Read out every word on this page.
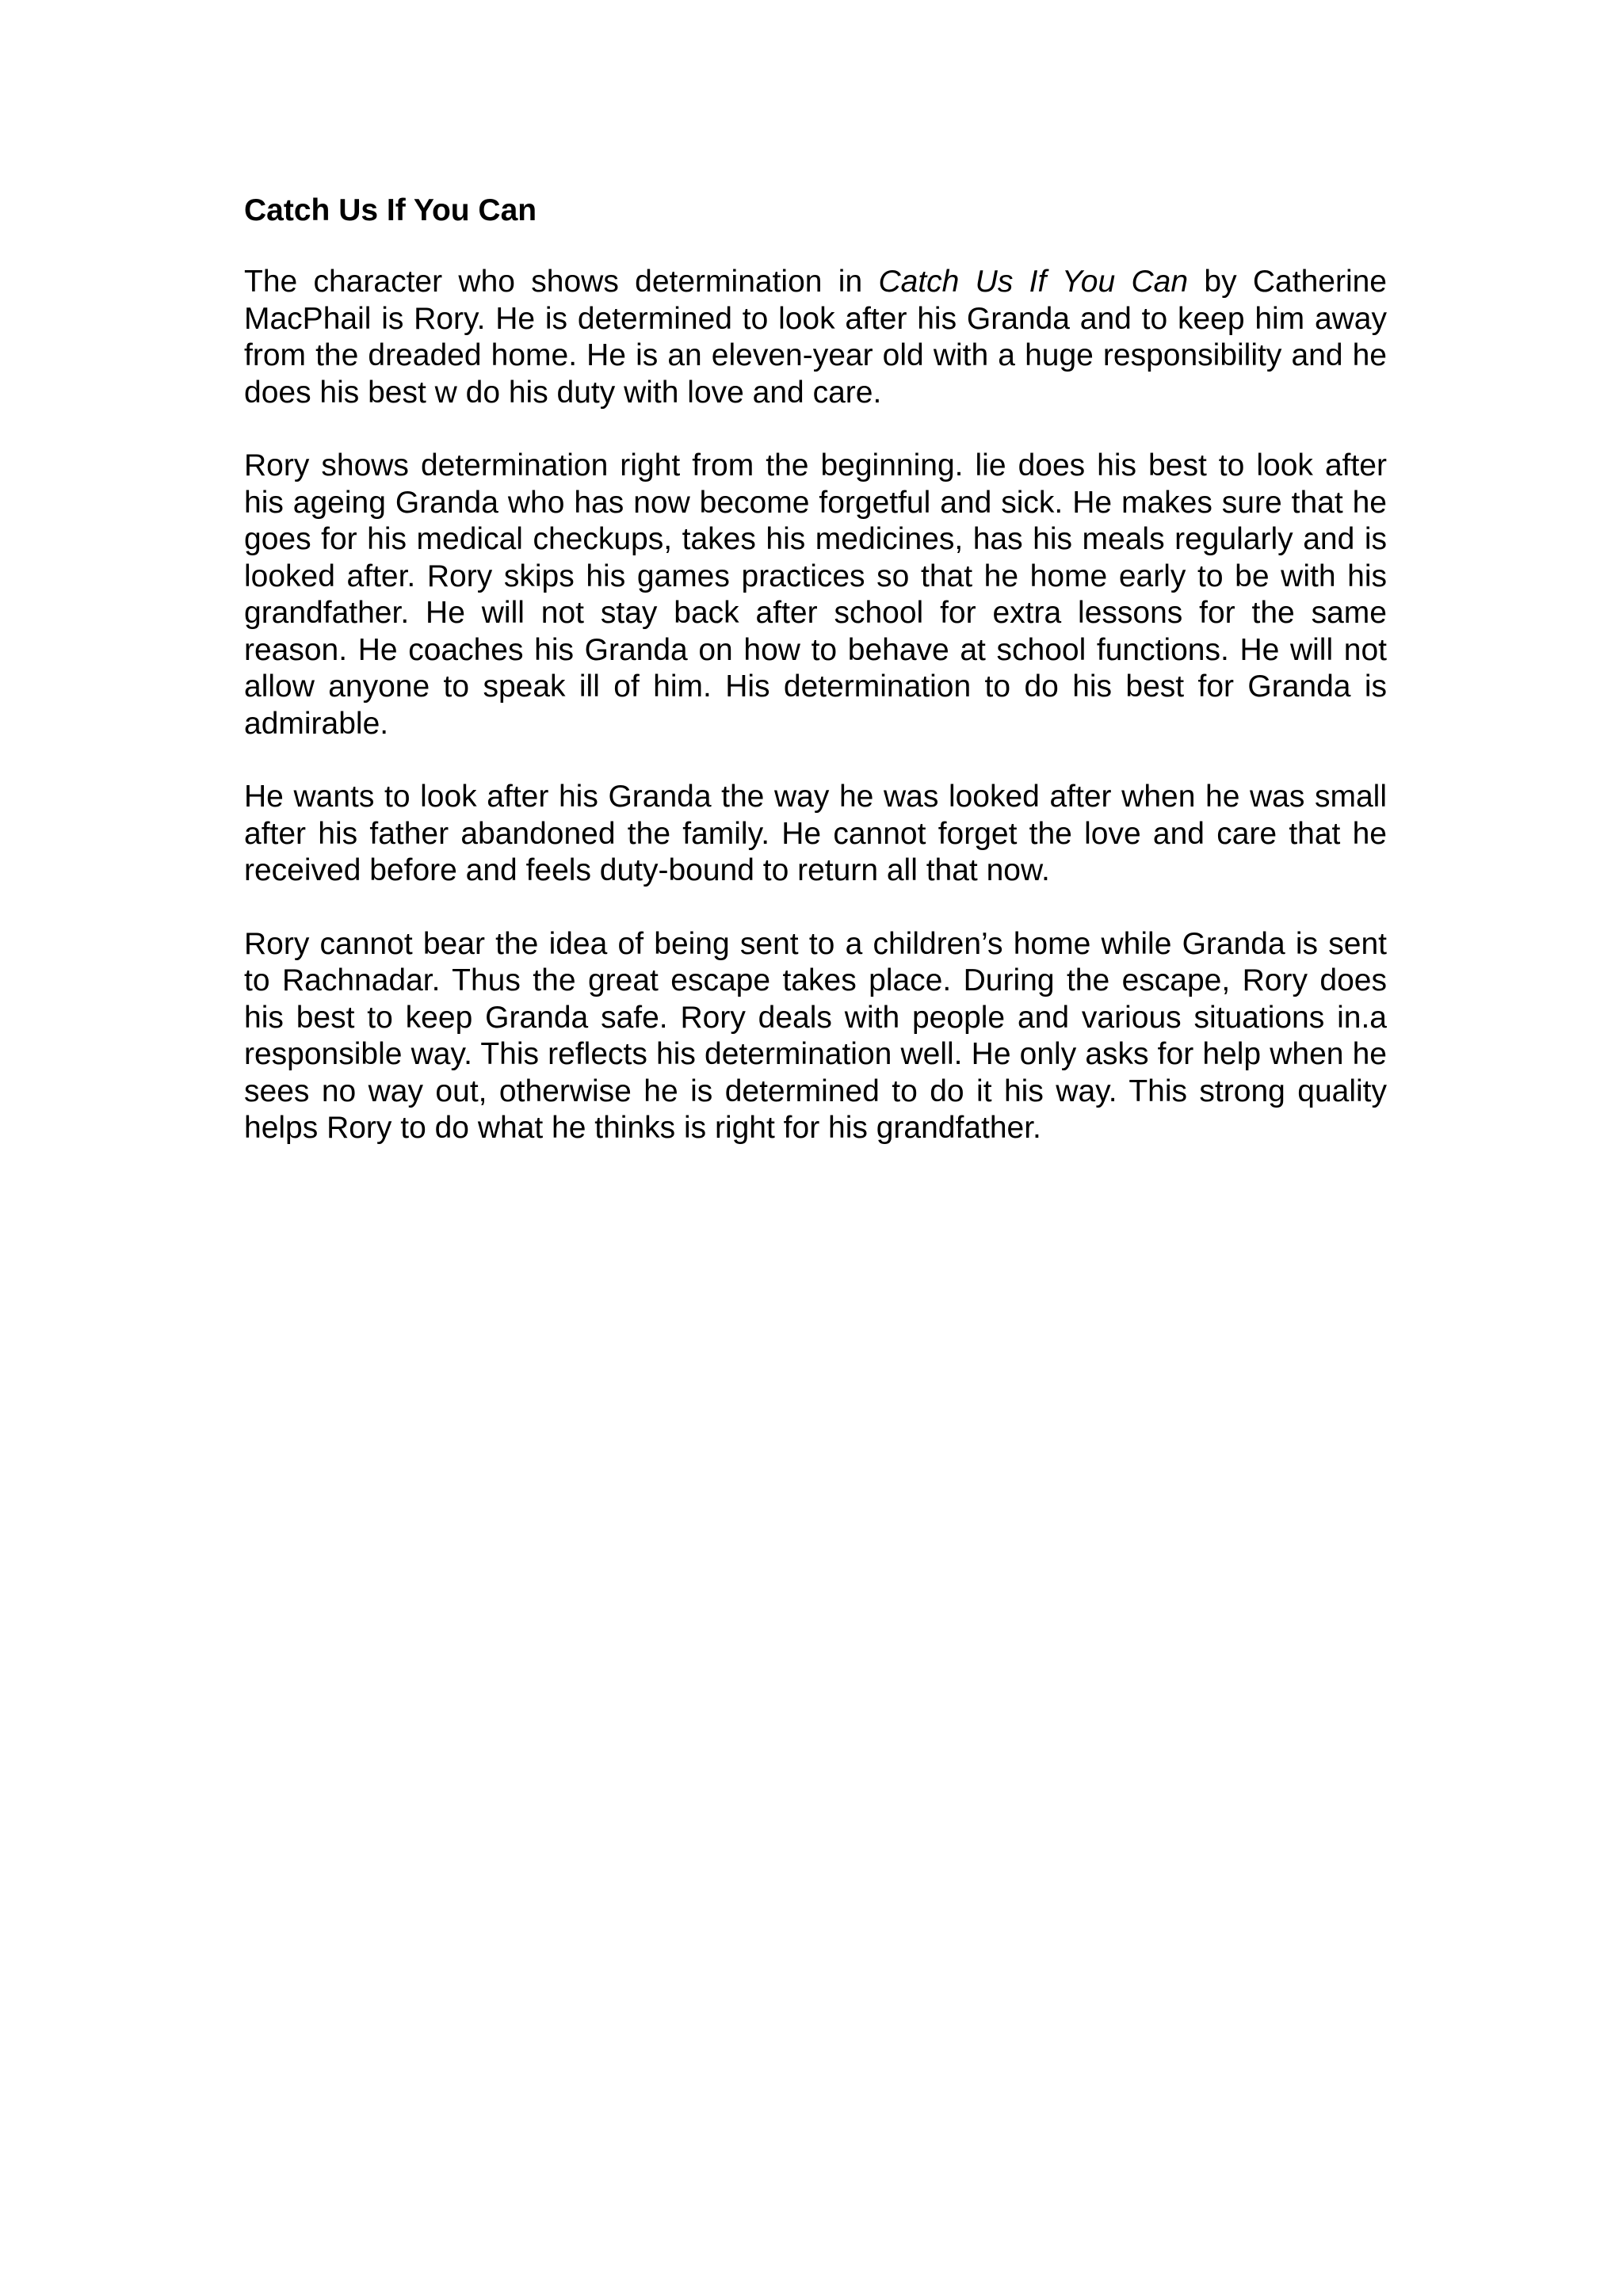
Catch Us If You Can

The character who shows determination in Catch Us If You Can by Catherine MacPhail is Rory. He is determined to look after his Granda and to keep him away from the dreaded home. He is an eleven-year old with a huge responsibility and he does his best w do his duty with love and care.

Rory shows determination right from the beginning. lie does his best to look after his ageing Granda who has now become forgetful and sick. He makes sure that he goes for his medical checkups, takes his medicines, has his meals regularly and is looked after. Rory skips his games practices so that he home early to be with his grandfather. He will not stay back after school for extra lessons for the same reason. He coaches his Granda on how to behave at school functions. He will not allow anyone to speak ill of him. His determination to do his best for Granda is admirable.

He wants to look after his Granda the way he was looked after when he was small after his father abandoned the family. He cannot forget the love and care that he received before and feels duty-bound to return all that now.

Rory cannot bear the idea of being sent to a children’s home while Granda is sent to Rachnadar. Thus the great escape takes place. During the escape, Rory does his best to keep Granda safe. Rory deals with people and various situations in.a responsible way. This reflects his determination well. He only asks for help when he sees no way out, otherwise he is determined to do it his way. This strong quality helps Rory to do what he thinks is right for his grandfather.
